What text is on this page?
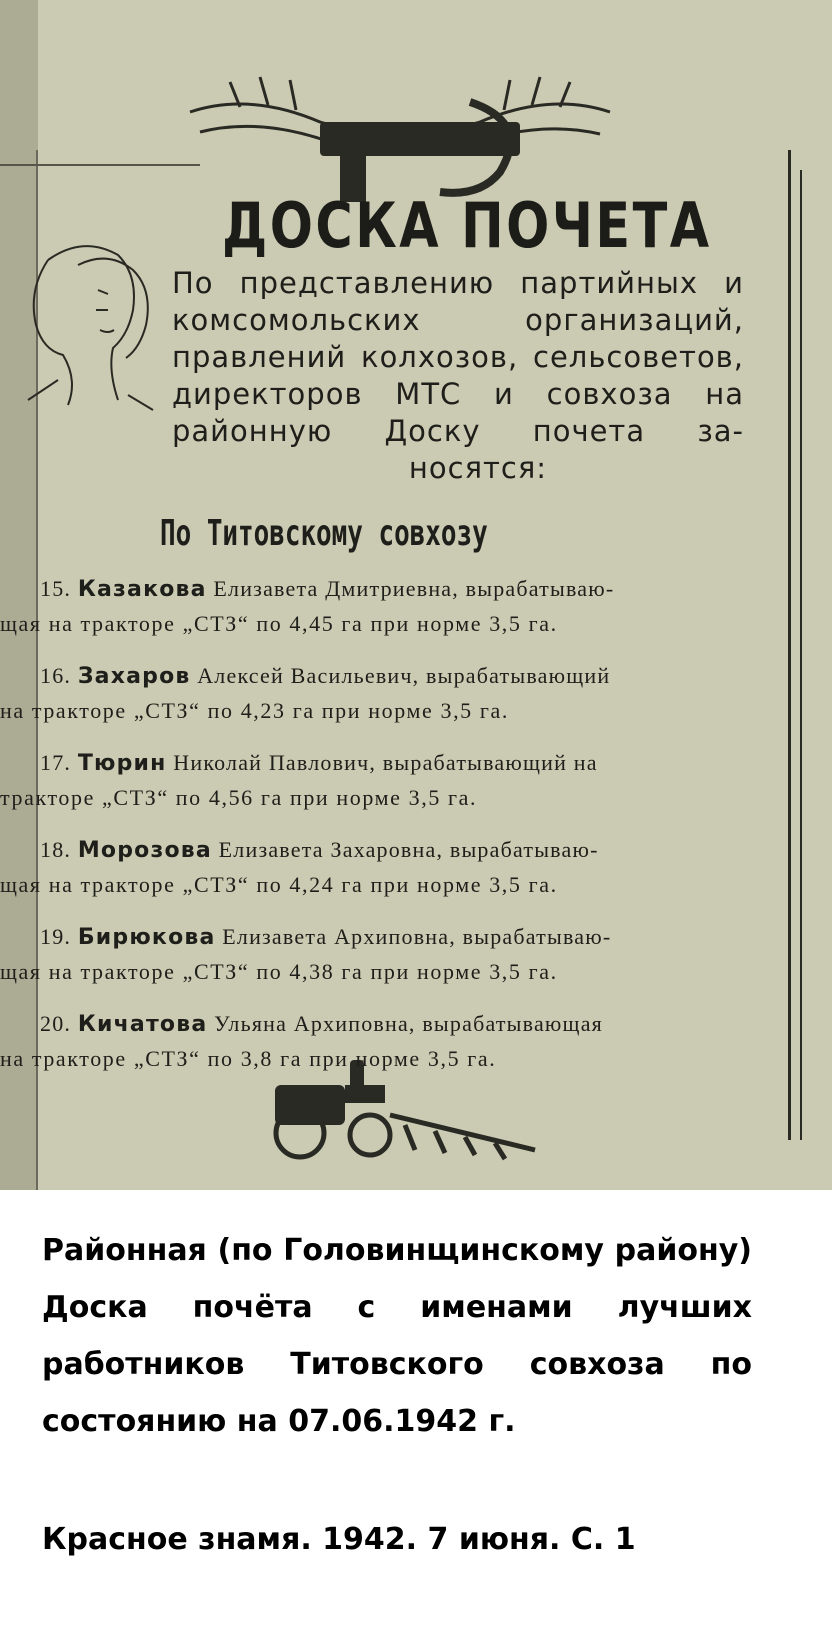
ДОСКА ПОЧЕТА
По представлению партийных и комсомольских организаций, правлений колхозов, сельсоветов, директоров МТС и совхоза на районную Доску почета за-
носятся:
По Титовскому совхозу
15. Казакова Елизавета Дмитриевна, вырабатываю-
щая на тракторе „СТЗ“ по 4,45 га при норме 3,5 га.
16. Захаров Алексей Васильевич, вырабатывающий
на тракторе „СТЗ“ по 4,23 га при норме 3,5 га.
17. Тюрин Николай Павлович, вырабатывающий на
тракторе „СТЗ“ по 4,56 га при норме 3,5 га.
18. Морозова Елизавета Захаровна, вырабатываю-
щая на тракторе „СТЗ“ по 4,24 га при норме 3,5 га.
19. Бирюкова Елизавета Архиповна, вырабатываю-
щая на тракторе „СТЗ“ по 4,38 га при норме 3,5 га.
20. Кичатова Ульяна Архиповна, вырабатывающая
на тракторе „СТЗ“ по 3,8 га при норме 3,5 га.
Районная (по Головинщинскому району) Доска почёта с именами лучших работников Титовского совхоза по состоянию на 07.06.1942 г.
Красное знамя. 1942. 7 июня. С. 1
